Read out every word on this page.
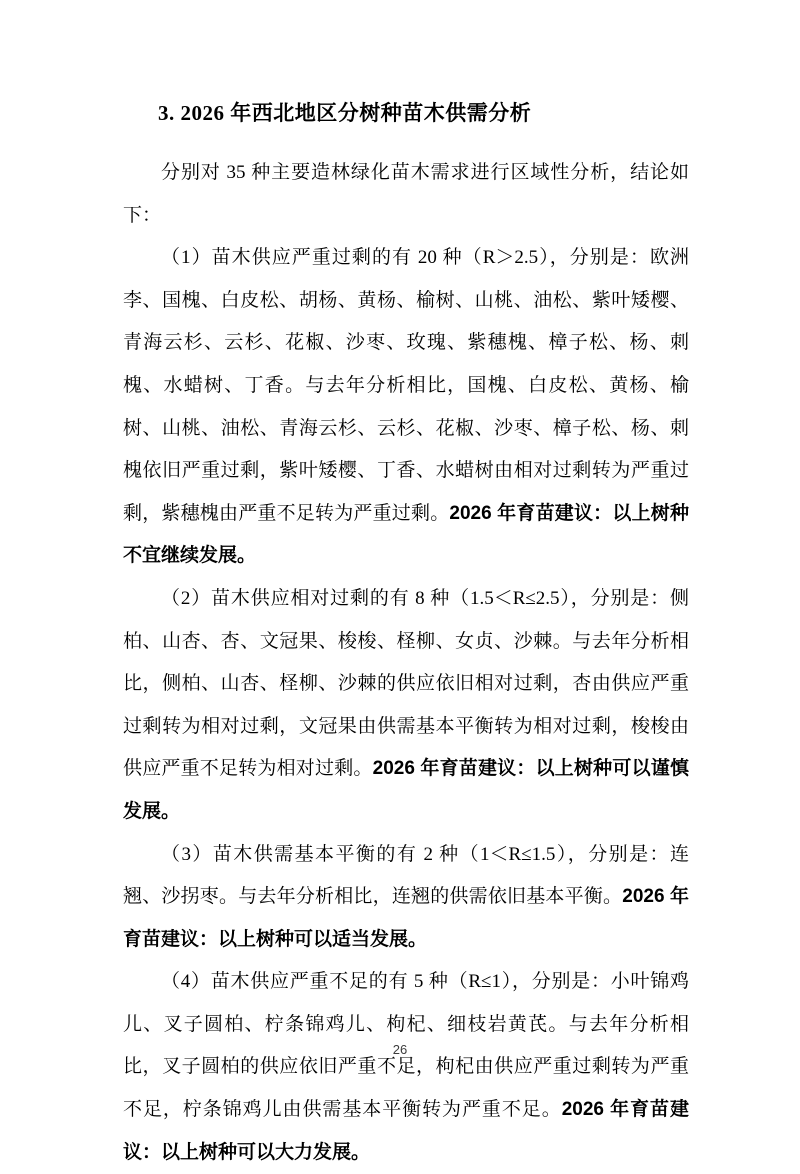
3. 2026 年西北地区分树种苗木供需分析

分别对 35 种主要造林绿化苗木需求进行区域性分析，结论如下：

（1）苗木供应严重过剩的有 20 种（R＞2.5），分别是：欧洲李、国槐、白皮松、胡杨、黄杨、榆树、山桃、油松、紫叶矮樱、青海云杉、云杉、花椒、沙枣、玫瑰、紫穗槐、樟子松、杨、刺槐、水蜡树、丁香。与去年分析相比，国槐、白皮松、黄杨、榆树、山桃、油松、青海云杉、云杉、花椒、沙枣、樟子松、杨、刺槐依旧严重过剩，紫叶矮樱、丁香、水蜡树由相对过剩转为严重过剩，紫穗槐由严重不足转为严重过剩。2026 年育苗建议：以上树种不宜继续发展。

（2）苗木供应相对过剩的有 8 种（1.5＜R≤2.5），分别是：侧柏、山杏、杏、文冠果、梭梭、柽柳、女贞、沙棘。与去年分析相比，侧柏、山杏、柽柳、沙棘的供应依旧相对过剩，杏由供应严重过剩转为相对过剩，文冠果由供需基本平衡转为相对过剩，梭梭由供应严重不足转为相对过剩。2026 年育苗建议：以上树种可以谨慎发展。

（3）苗木供需基本平衡的有 2 种（1＜R≤1.5），分别是：连翘、沙拐枣。与去年分析相比，连翘的供需依旧基本平衡。2026 年育苗建议：以上树种可以适当发展。

（4）苗木供应严重不足的有 5 种（R≤1），分别是：小叶锦鸡儿、叉子圆柏、柠条锦鸡儿、枸杞、细枝岩黄芪。与去年分析相比，叉子圆柏的供应依旧严重不足，枸杞由供应严重过剩转为严重不足，柠条锦鸡儿由供需基本平衡转为严重不足。2026 年育苗建议：以上树种可以大力发展。

26
